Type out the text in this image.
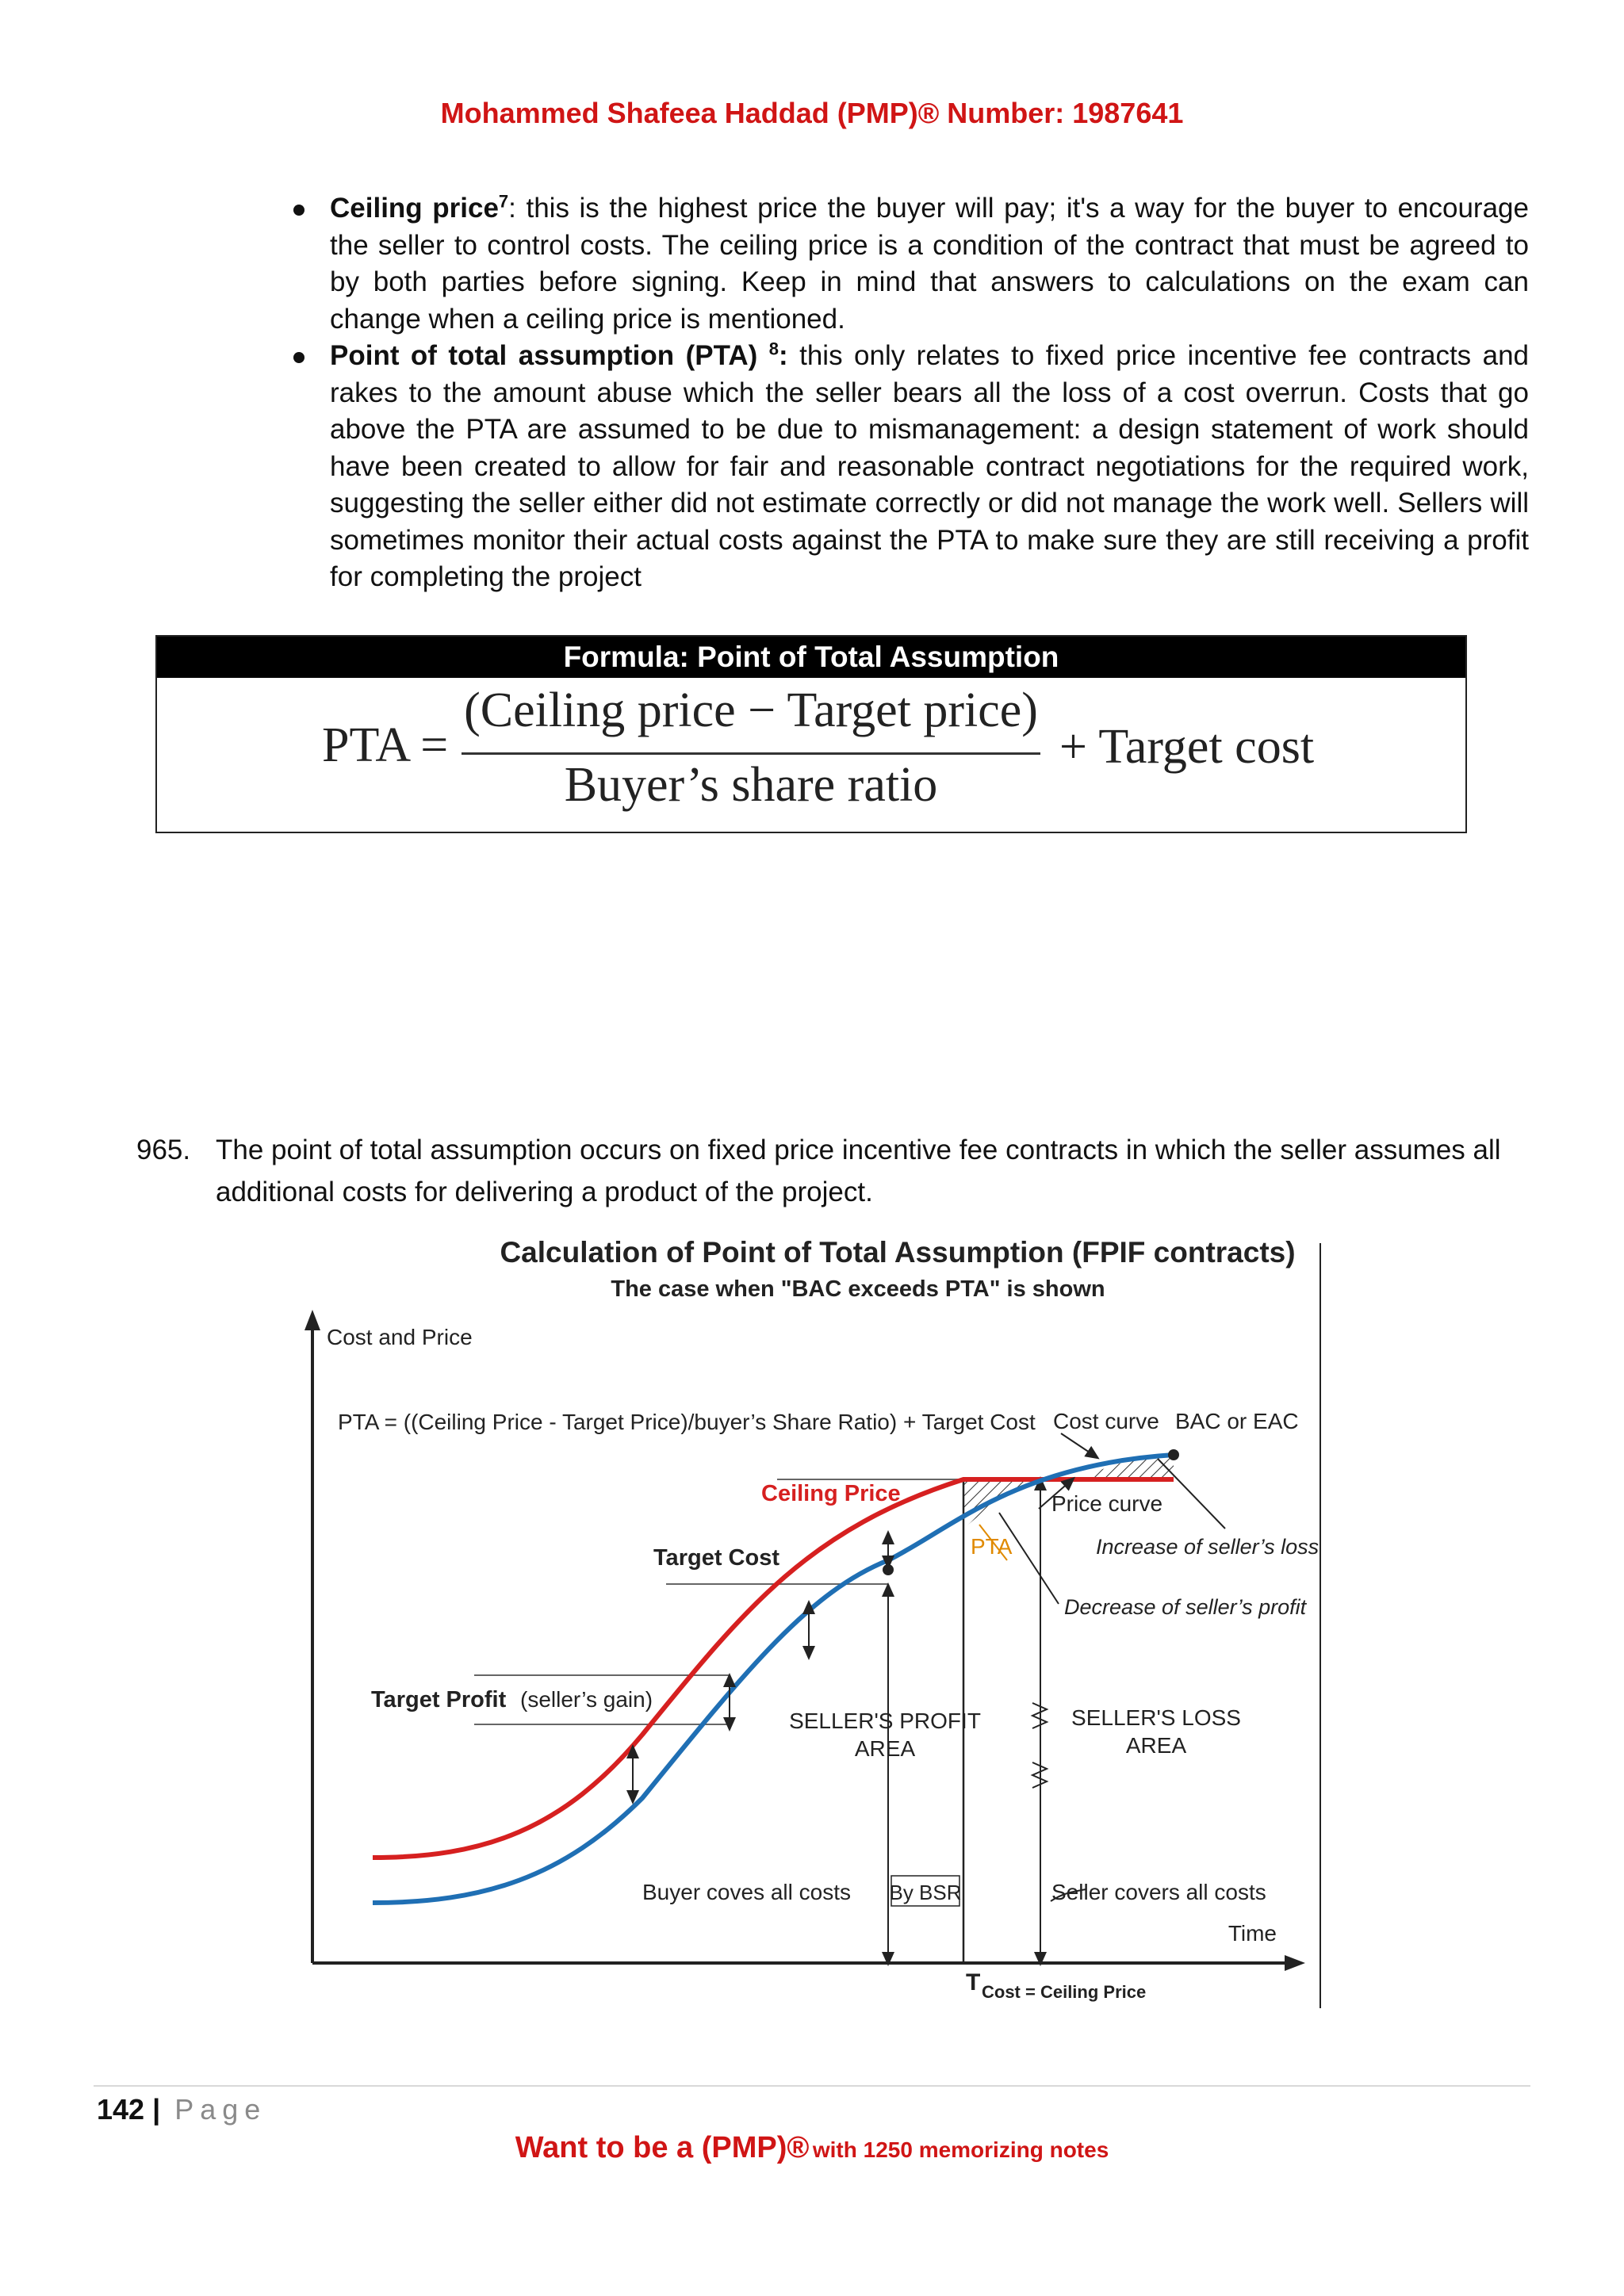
Mohammed Shafeea Haddad (PMP)® Number: 1987641

Ceiling price$^7$: this is the highest price the buyer will pay; it's a way for the buyer to encourage the seller to control costs. The ceiling price is a condition of the contract that must be agreed to by both parties before signing. Keep in mind that answers to calculations on the exam can change when a ceiling price is mentioned.

Point of total assumption (PTA) $^8$: this only relates to fixed price incentive fee contracts and rakes to the amount abuse which the seller bears all the loss of a cost overrun. Costs that go above the PTA are assumed to be due to mismanagement: a design statement of work should have been created to allow for fair and reasonable contract negotiations for the required work, suggesting the seller either did not estimate correctly or did not manage the work well. Sellers will sometimes monitor their actual costs against the PTA to make sure they are still receiving a profit for completing the project

Formula: Point of Total Assumption
PTA =
(Ceiling price − Target price)
Buyer’s share ratio
+ Target cost
965. The point of total assumption occurs on fixed price incentive fee contracts in which the seller assumes all additional costs for delivering a product of the project.
Calculation of Point of Total Assumption (FPIF contracts)
The case when "BAC exceeds PTA" is shown
Cost and Price
Time
PTA = ((Ceiling Price - Target Price)/buyer’s Share Ratio) + Target Cost Cost curve BAC or EAC
Ceiling Price	Price curve
PTA	Increase of seller’s loss
Target Cost
Decrease of seller’s profit
Target Profit (seller’s gain)
SELLER'S PROFIT
AREA
SELLER'S LOSS
AREA
Buyer coves all costs By BSR	Seller covers all costs
T Cost = Ceiling Price
142 | Page
Want to be a (PMP)® with 1250 memorizing notes
